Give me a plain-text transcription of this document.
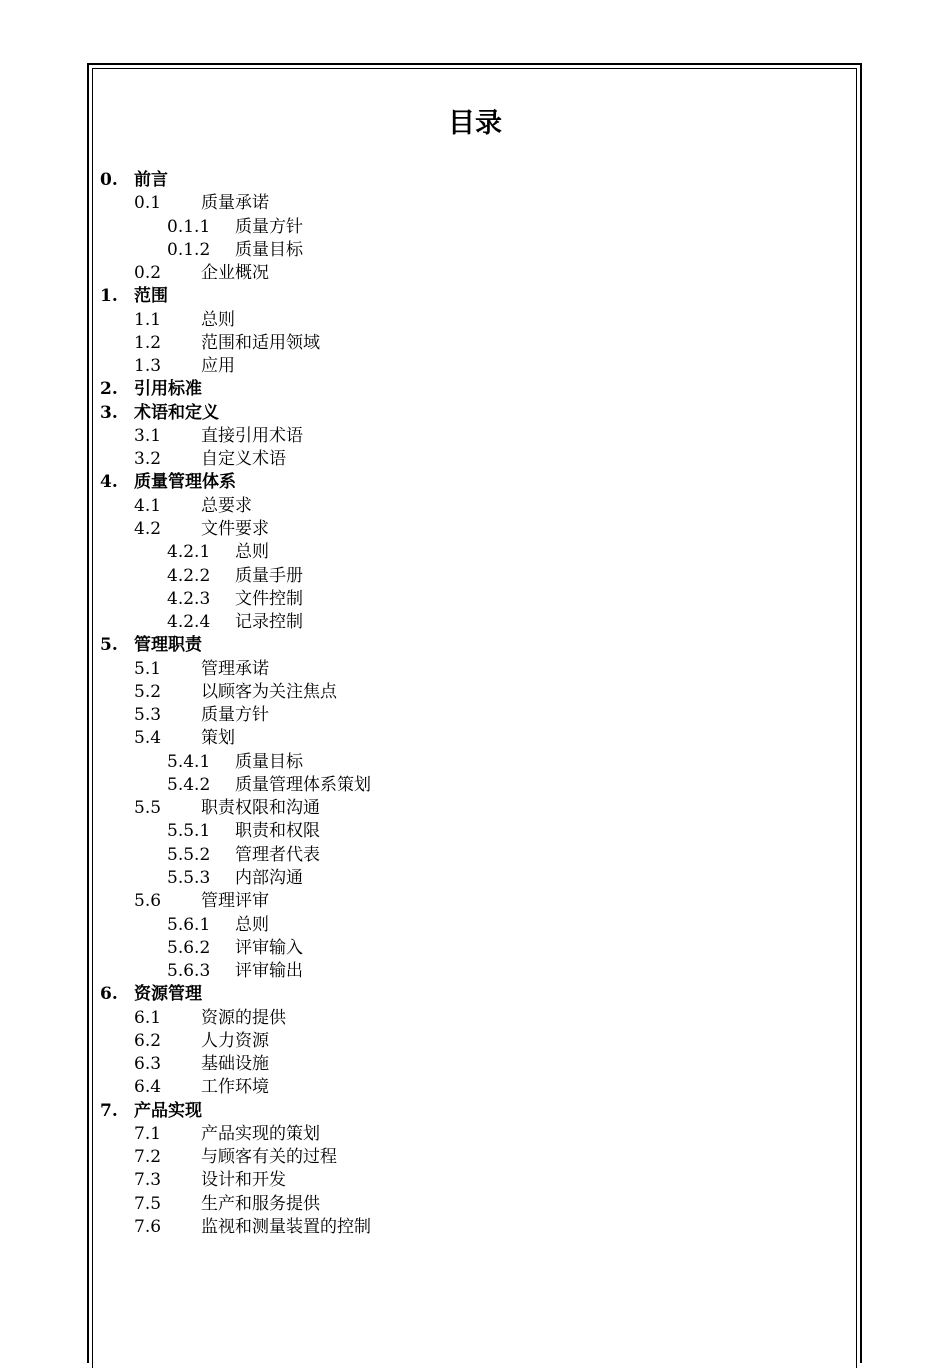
目录
0. 前言
0.1 质量承诺
0.1.1 质量方针
0.1.2 质量目标
0.2 企业概况
1. 范围
1.1 总则
1.2 范围和适用领域
1.3 应用
2. 引用标准
3. 术语和定义
3.1 直接引用术语
3.2 自定义术语
4. 质量管理体系
4.1 总要求
4.2 文件要求
4.2.1 总则
4.2.2 质量手册
4.2.3 文件控制
4.2.4 记录控制
5. 管理职责
5.1 管理承诺
5.2 以顾客为关注焦点
5.3 质量方针
5.4 策划
5.4.1 质量目标
5.4.2 质量管理体系策划
5.5 职责权限和沟通
5.5.1 职责和权限
5.5.2 管理者代表
5.5.3 内部沟通
5.6 管理评审
5.6.1 总则
5.6.2 评审输入
5.6.3 评审输出
6. 资源管理
6.1 资源的提供
6.2 人力资源
6.3 基础设施
6.4 工作环境
7. 产品实现
7.1 产品实现的策划
7.2 与顾客有关的过程
7.3 设计和开发
7.5 生产和服务提供
7.6 监视和测量装置的控制
